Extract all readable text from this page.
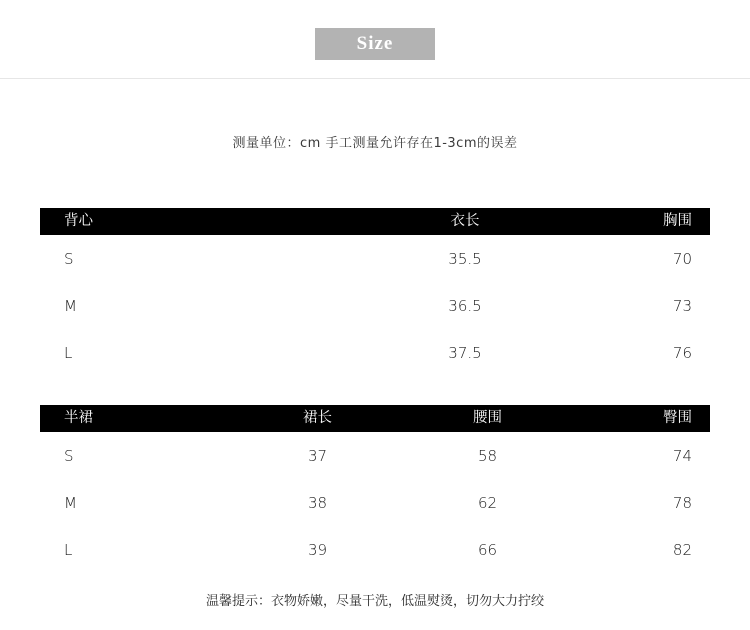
Size
测量单位：cm 手工测量允许存在1-3cm的误差
背心	衣长	胸围
S	35.5	70
M	36.5	73
L	37.5	76
半裙	裙长	腰围	臀围
S	37	58	74
M	38	62	78
L	39	66	82
温馨提示：衣物娇嫩，尽量干洗，低温熨烫，切勿大力拧绞
